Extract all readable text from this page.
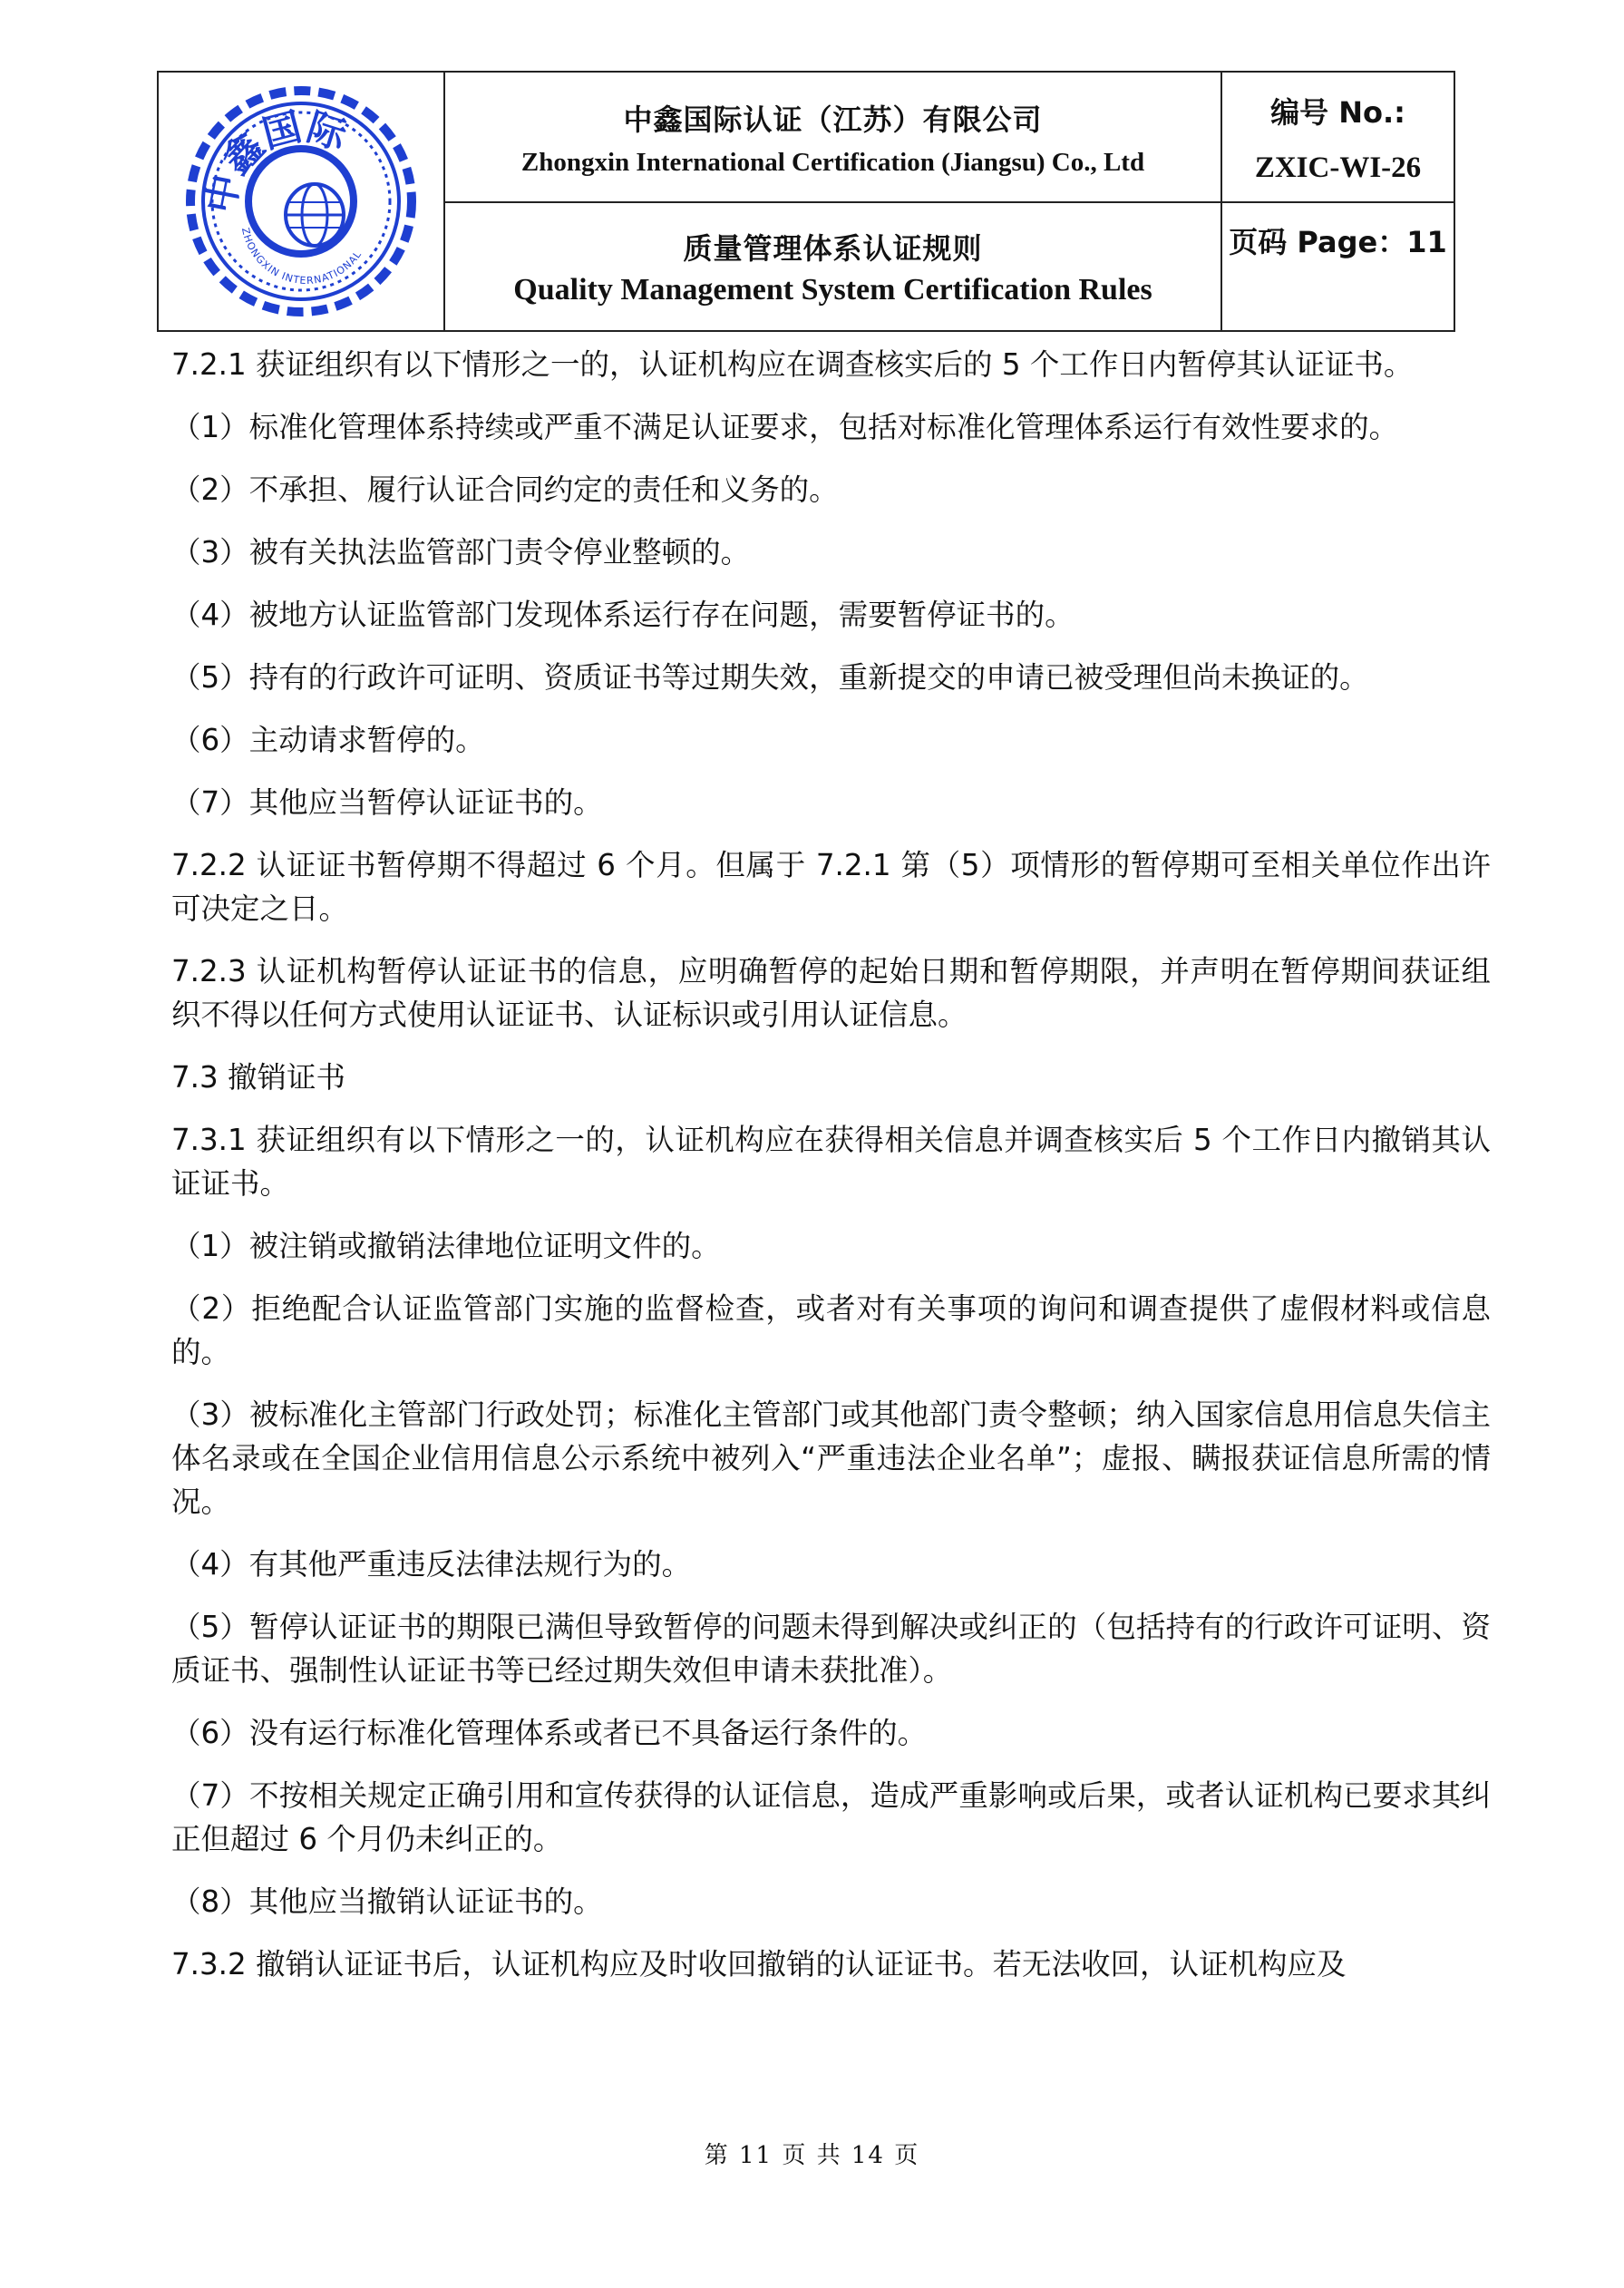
中鑫国际
ZHONGXIN INTERNATIONAL
中鑫国际认证（江苏）有限公司
Zhongxin International Certification (Jiangsu) Co., Ltd
编号 No.:
ZXIC-WI-26
质量管理体系认证规则
Quality Management System Certification Rules
页码 Page：11

7.2.1 获证组织有以下情形之一的，认证机构应在调查核实后的 5 个工作日内暂停其认证证书。

（1）标准化管理体系持续或严重不满足认证要求，包括对标准化管理体系运行有效性要求的。

（2）不承担、履行认证合同约定的责任和义务的。

（3）被有关执法监管部门责令停业整顿的。

（4）被地方认证监管部门发现体系运行存在问题，需要暂停证书的。

（5）持有的行政许可证明、资质证书等过期失效，重新提交的申请已被受理但尚未换证的。

（6）主动请求暂停的。

（7）其他应当暂停认证证书的。

7.2.2 认证证书暂停期不得超过 6 个月。但属于 7.2.1 第（5）项情形的暂停期可至相关单位作出许可决定之日。

7.2.3 认证机构暂停认证证书的信息，应明确暂停的起始日期和暂停期限，并声明在暂停期间获证组织不得以任何方式使用认证证书、认证标识或引用认证信息。

7.3 撤销证书

7.3.1 获证组织有以下情形之一的，认证机构应在获得相关信息并调查核实后 5 个工作日内撤销其认证证书。

（1）被注销或撤销法律地位证明文件的。

（2）拒绝配合认证监管部门实施的监督检查，或者对有关事项的询问和调查提供了虚假材料或信息的。

（3）被标准化主管部门行政处罚；标准化主管部门或其他部门责令整顿；纳入国家信息用信息失信主体名录或在全国企业信用信息公示系统中被列入“严重违法企业名单”；虚报、瞒报获证信息所需的情况。

（4）有其他严重违反法律法规行为的。

（5）暂停认证证书的期限已满但导致暂停的问题未得到解决或纠正的（包括持有的行政许可证明、资质证书、强制性认证证书等已经过期失效但申请未获批准）。

（6）没有运行标准化管理体系或者已不具备运行条件的。

（7）不按相关规定正确引用和宣传获得的认证信息，造成严重影响或后果，或者认证机构已要求其纠正但超过 6 个月仍未纠正的。

（8）其他应当撤销认证证书的。

7.3.2 撤销认证证书后，认证机构应及时收回撤销的认证证书。若无法收回，认证机构应及

第 11 页 共 14 页
